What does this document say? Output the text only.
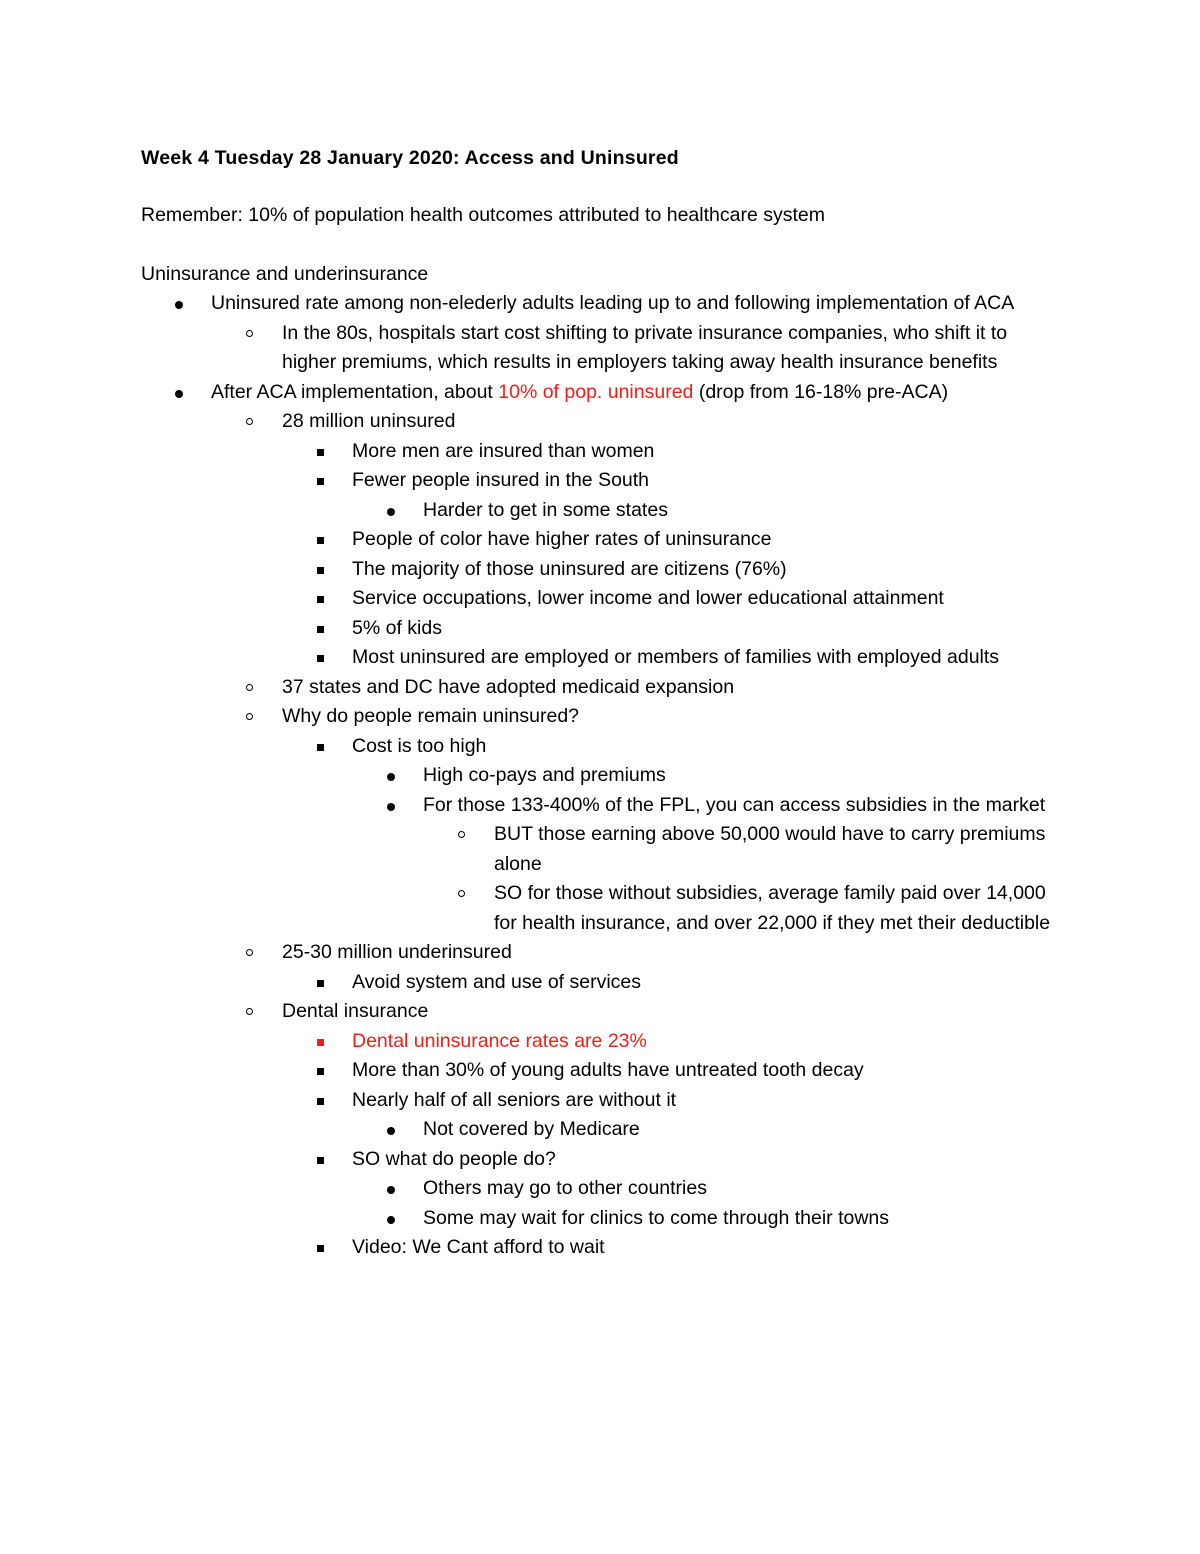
Week 4 Tuesday 28 January 2020: Access and Uninsured
Remember: 10% of population health outcomes attributed to healthcare system
Uninsurance and underinsurance
Uninsured rate among non-elederly adults leading up to and following implementation of ACA
In the 80s, hospitals start cost shifting to private insurance companies, who shift it to higher premiums, which results in employers taking away health insurance benefits
After ACA implementation, about 10% of pop. uninsured (drop from 16-18% pre-ACA)
28 million uninsured
More men are insured than women
Fewer people insured in the South
Harder to get in some states
People of color have higher rates of uninsurance
The majority of those uninsured are citizens (76%)
Service occupations, lower income and lower educational attainment
5% of kids
Most uninsured are employed or members of families with employed adults
37 states and DC have adopted medicaid expansion
Why do people remain uninsured?
Cost is too high
High co-pays and premiums
For those 133-400% of the FPL, you can access subsidies in the market
BUT those earning above 50,000 would have to carry premiums alone
SO for those without subsidies, average family paid over 14,000 for health insurance, and over 22,000 if they met their deductible
25-30 million underinsured
Avoid system and use of services
Dental insurance
Dental uninsurance rates are 23%
More than 30% of young adults have untreated tooth decay
Nearly half of all seniors are without it
Not covered by Medicare
SO what do people do?
Others may go to other countries
Some may wait for clinics to come through their towns
Video: We Cant afford to wait
